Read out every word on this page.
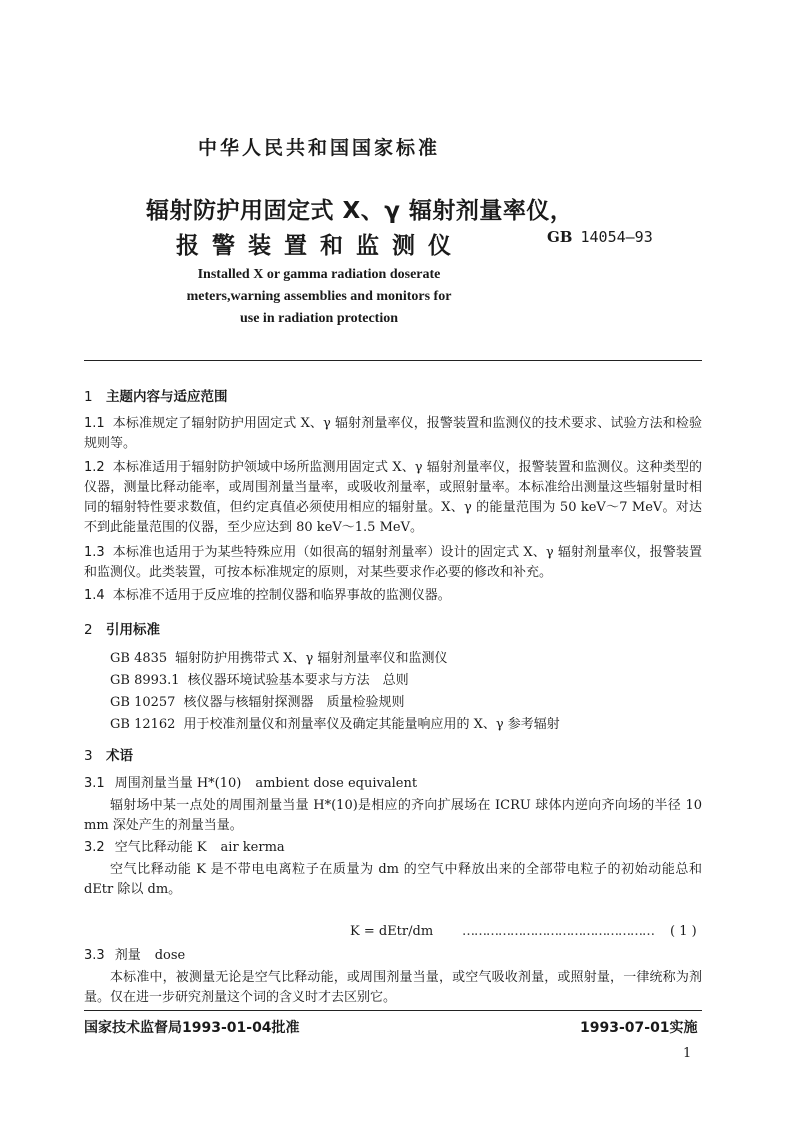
中华人民共和国国家标准
辐射防护用固定式 X、γ 辐射剂量率仪，
报警装置和监测仪	GB 14054—93
Installed X or gamma radiation doserate
meters,warning assemblies and monitors for
use in radiation protection
1 主题内容与适应范围
1.1 本标准规定了辐射防护用固定式 X、γ 辐射剂量率仪，报警装置和监测仪的技术要求、试验方法和检验规则等。
1.2 本标准适用于辐射防护领域中场所监测用固定式 X、γ 辐射剂量率仪，报警装置和监测仪。这种类型的仪器，测量比释动能率，或周围剂量当量率，或吸收剂量率，或照射量率。本标准给出测量这些辐射量时相同的辐射特性要求数值，但约定真值必须使用相应的辐射量。X、γ 的能量范围为 50 keV～7 MeV。对达不到此能量范围的仪器，至少应达到 80 keV～1.5 MeV。
1.3 本标准也适用于为某些特殊应用（如很高的辐射剂量率）设计的固定式 X、γ 辐射剂量率仪，报警装置和监测仪。此类装置，可按本标准规定的原则，对某些要求作必要的修改和补充。
1.4 本标准不适用于反应堆的控制仪器和临界事故的监测仪器。
2 引用标准
GB 4835 辐射防护用携带式 X、γ 辐射剂量率仪和监测仪
GB 8993.1 核仪器环境试验基本要求与方法　总则
GB 10257 核仪器与核辐射探测器　质量检验规则
GB 12162 用于校准剂量仪和剂量率仪及确定其能量响应用的 X、γ 参考辐射
3 术语
3.1 周围剂量当量 H*(10) ambient dose equivalent
辐射场中某一点处的周围剂量当量 H*(10)是相应的齐向扩展场在 ICRU 球体内逆向齐向场的半径 10 mm 深处产生的剂量当量。
3.2 空气比释动能 K air kerma
空气比释动能 K 是不带电电离粒子在质量为 dm 的空气中释放出来的全部带电粒子的初始动能总和 dEtr 除以 dm。
K = dEtr/dm ………………………………………… ( 1 )
3.3 剂量 dose
本标准中，被测量无论是空气比释动能，或周围剂量当量，或空气吸收剂量，或照射量，一律统称为剂量。仅在进一步研究剂量这个词的含义时才去区别它。
国家技术监督局1993-01-04批准	1993-07-01实施
1
